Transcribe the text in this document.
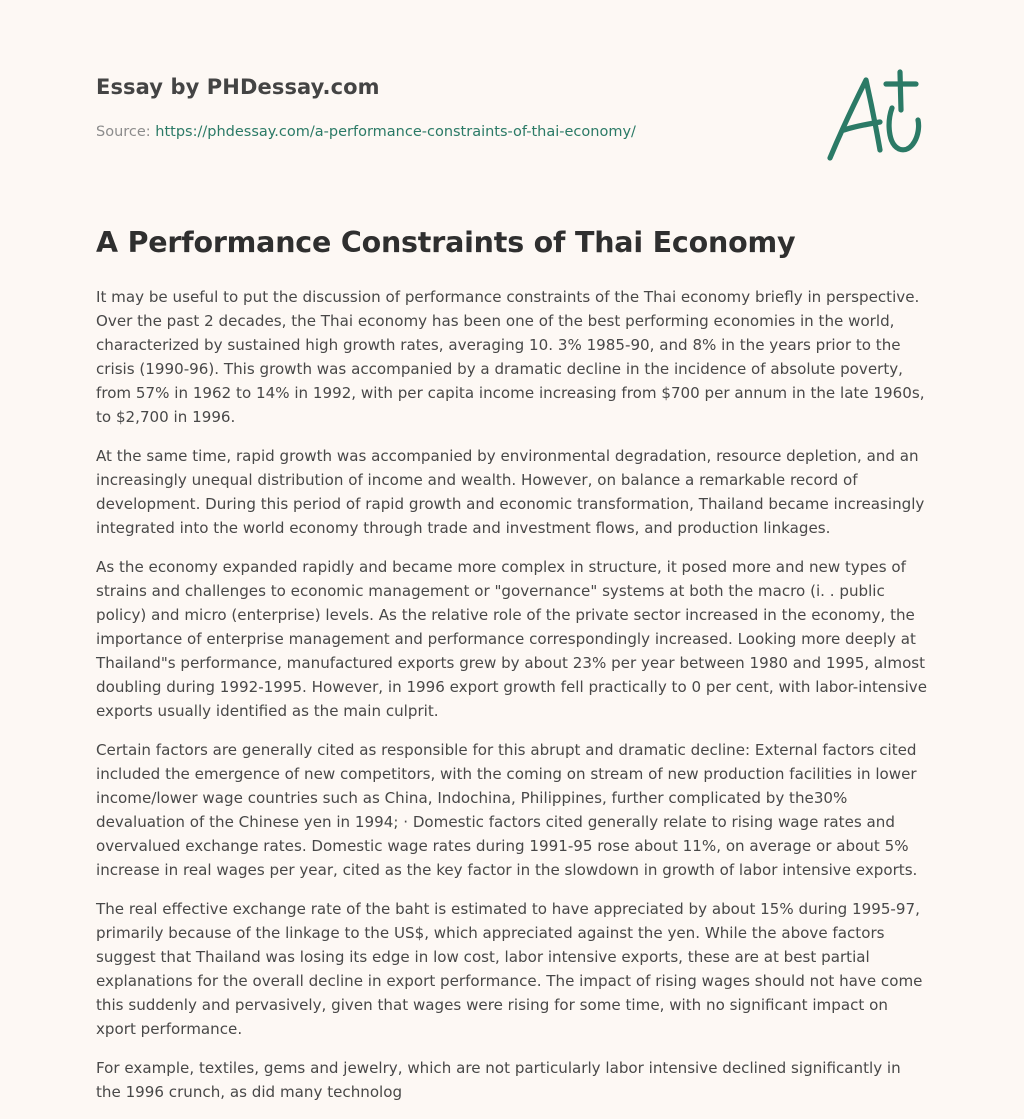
Essay by PHDessay.com
Source: https://phdessay.com/a-performance-constraints-of-thai-economy/
A Performance Constraints of Thai Economy

It may be useful to put the discussion of performance constraints of the Thai economy briefly in perspective. Over the past 2 decades, the Thai economy has been one of the best performing economies in the world, characterized by sustained high growth rates, averaging 10. 3% 1985-90, and 8% in the years prior to the crisis (1990-96). This growth was accompanied by a dramatic decline in the incidence of absolute poverty, from 57% in 1962 to 14% in 1992, with per capita income increasing from $700 per annum in the late 1960s, to $2,700 in 1996.

At the same time, rapid growth was accompanied by environmental degradation, resource depletion, and an increasingly unequal distribution of income and wealth. However, on balance a remarkable record of development. During this period of rapid growth and economic transformation, Thailand became increasingly integrated into the world economy through trade and investment flows, and production linkages.

As the economy expanded rapidly and became more complex in structure, it posed more and new types of strains and challenges to economic management or "governance" systems at both the macro (i. . public policy) and micro (enterprise) levels. As the relative role of the private sector increased in the economy, the importance of enterprise management and performance correspondingly increased. Looking more deeply at Thailand"s performance, manufactured exports grew by about 23% per year between 1980 and 1995, almost doubling during 1992-1995. However, in 1996 export growth fell practically to 0 per cent, with labor-intensive exports usually identified as the main culprit.

Certain factors are generally cited as responsible for this abrupt and dramatic decline: External factors cited included the emergence of new competitors, with the coming on stream of new production facilities in lower income/lower wage countries such as China, Indochina, Philippines, further complicated by the30% devaluation of the Chinese yen in 1994; · Domestic factors cited generally relate to rising wage rates and overvalued exchange rates. Domestic wage rates during 1991-95 rose about 11%, on average or about 5% increase in real wages per year, cited as the key factor in the slowdown in growth of labor intensive exports.

The real effective exchange rate of the baht is estimated to have appreciated by about 15% during 1995-97, primarily because of the linkage to the US$, which appreciated against the yen. While the above factors suggest that Thailand was losing its edge in low cost, labor intensive exports, these are at best partial explanations for the overall decline in export performance. The impact of rising wages should not have come this suddenly and pervasively, given that wages were rising for some time, with no significant impact on xport performance.

For example, textiles, gems and jewelry, which are not particularly labor intensive declined significantly in the 1996 crunch, as did many technolog
